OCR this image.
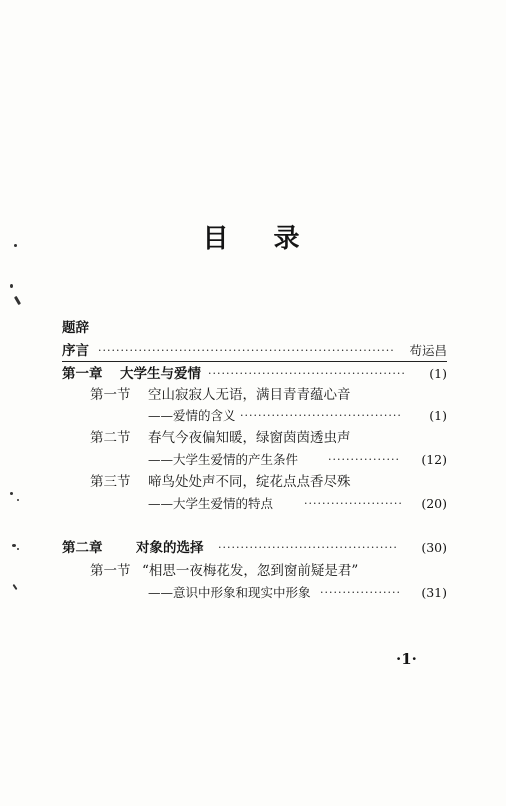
目 录
题辞
序言 ··································································	苟运昌
第一章 大学生与爱情 ············································	(1)
第一节 空山寂寂人无语，满目青青蕴心音
——爱情的含义 ····································	(1)
第二节 春气今夜偏知暖，绿窗茵茵透虫声
——大学生爱情的产生条件	················	(12)
第三节 啼鸟处处声不同，绽花点点香尽殊
——大学生爱情的特点	······················ (20)
第二章 对象的选择 ········································	(30)
第一节 “相思一夜梅花发，忽到窗前疑是君”
——意识中形象和现实中形象 ··················	(31)
·1·
